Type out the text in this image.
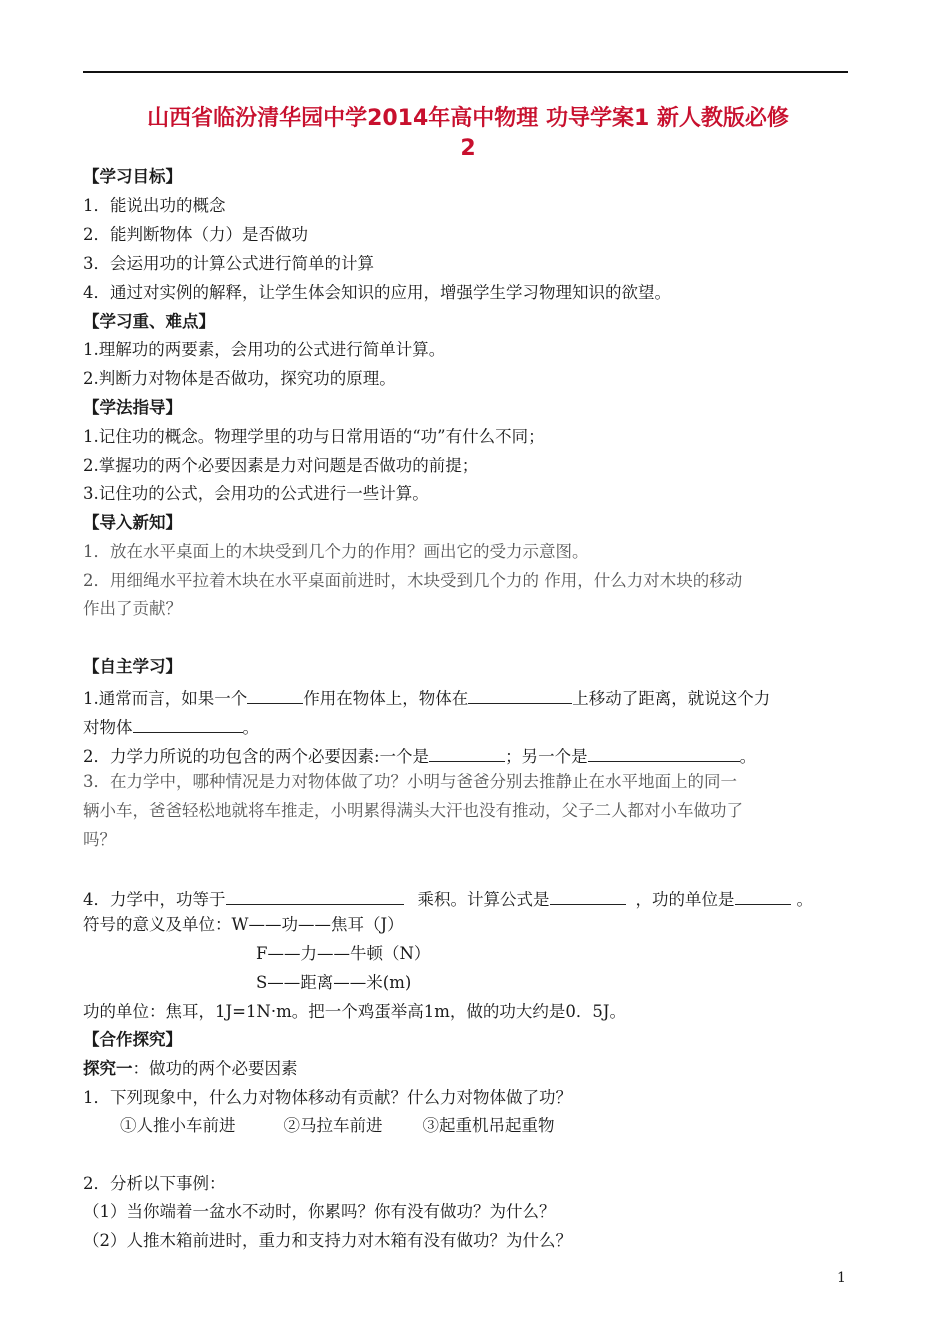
山西省临汾清华园中学2014年高中物理 功导学案1 新人教版必修
2
【学习目标】
1．能说出功的概念
2．能判断物体（力）是否做功
3．会运用功的计算公式进行简单的计算
4．通过对实例的解释，让学生体会知识的应用，增强学生学习物理知识的欲望。
【学习重、难点】
1.理解功的两要素，会用功的公式进行简单计算。
2.判断力对物体是否做功，探究功的原理。
【学法指导】
1.记住功的概念。物理学里的功与日常用语的“功”有什么不同；
2.掌握功的两个必要因素是力对问题是否做功的前提；
3.记住功的公式，会用功的公式进行一些计算。
【导入新知】
1．放在水平桌面上的木块受到几个力的作用？画出它的受力示意图。
2．用细绳水平拉着木块在水平桌面前进时，木块受到几个力的 作用，什么力对木块的移动
作出了贡献？
【自主学习】
1.通常而言，如果一个	作用在物体上，物体在	上移动了距离，就说这个力
对物体	。
2．力学力所说的功包含的两个必要因素:一个是	；另一个是	。
3．在力学中，哪种情况是力对物体做了功？小明与爸爸分别去推静止在水平地面上的同一
辆小车，爸爸轻松地就将车推走，小明累得满头大汗也没有推动，父子二人都对小车做功了
吗？
4．力学中，功等于	乘积。计算公式是	，功的单位是	。
符号的意义及单位：W——功——焦耳（J）
F——力——牛顿（N）
S——距离——米(m)
功的单位：焦耳，1J=1N·m。把一个鸡蛋举高1m，做的功大约是0．5J。
【合作探究】
探究一：做功的两个必要因素
1．下列现象中，什么力对物体移动有贡献？什么力对物体做了功？
①人推小车前进	②马拉车前进 ③起重机吊起重物
2．分析以下事例：
（1）当你端着一盆水不动时，你累吗？你有没有做功？为什么？
（2）人推木箱前进时，重力和支持力对木箱有没有做功？为什么？
1
